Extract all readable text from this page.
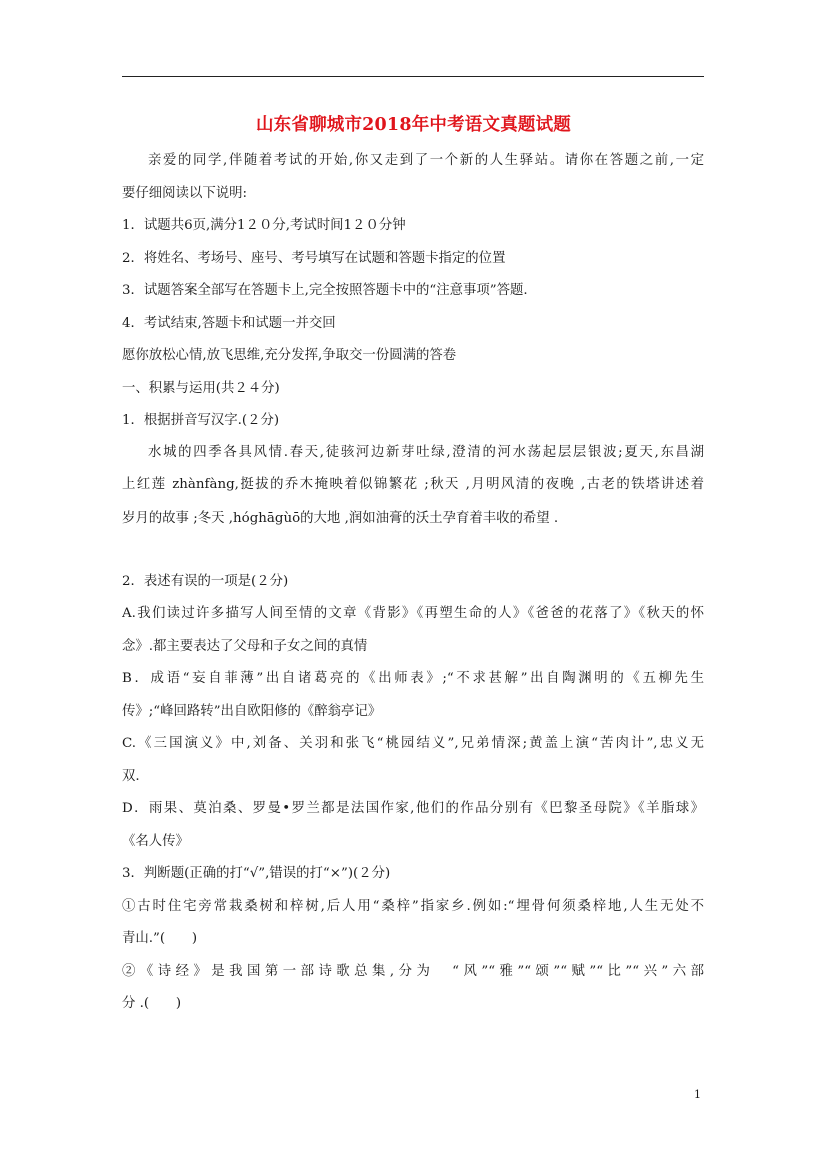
山东省聊城市2018年中考语文真题试题
亲爱的同学,伴随着考试的开始,你又走到了一个新的人生驿站。请你在答题之前,一定
要仔细阅读以下说明:
1．试题共6页,满分1２０分,考试时间1２０分钟
2．将姓名、考场号、座号、考号填写在试题和答题卡指定的位置
3．试题答案全部写在答题卡上,完全按照答题卡中的“注意事项”答题.
4．考试结束,答题卡和试题一并交回
愿你放松心情,放飞思维,充分发挥,争取交一份圆满的答卷
一、积累与运用(共２４分)
1．根据拼音写汉字.(２分)
水城的四季各具风情.春天,徒骇河边新芽吐绿,澄清的河水荡起层层银波;夏天,东昌湖
上红莲 zhànfàng,挺拔的乔木掩映着似锦繁花 ;秋天 ,月明风清的夜晚 ,古老的铁塔讲述着
岁月的故事 ;冬天 ,hóghāgùō的大地 ,润如油膏的沃土孕育着丰收的希望 .
2．表述有误的一项是(２分)
A.我们读过许多描写人间至情的文章《背影》《再塑生命的人》《爸爸的花落了》《秋天的怀
念》.都主要表达了父母和子女之间的真情
B．成语“妄自菲薄”出自诸葛亮的《出师表》;“不求甚解”出自陶渊明的《五柳先生
传》;“峰回路转”出自欧阳修的《醉翁亭记》
C.《三国演义》中,刘备、关羽和张飞“桃园结义”,兄弟情深;黄盖上演“苦肉计”,忠义无
双.
D．雨果、莫泊桑、罗曼•罗兰都是法国作家,他们的作品分别有《巴黎圣母院》《羊脂球》
《名人传》
3．判断题(正确的打“√”,错误的打“×”)(２分)
①古时住宅旁常栽桑树和梓树,后人用“桑梓”指家乡.例如:“埋骨何须桑梓地,人生无处不
青山.”(　　)
②《诗经》是我国第一部诗歌总集,分为　“风”“雅”“颂”“赋”“比”“兴”六部
分 .(　　)
1
